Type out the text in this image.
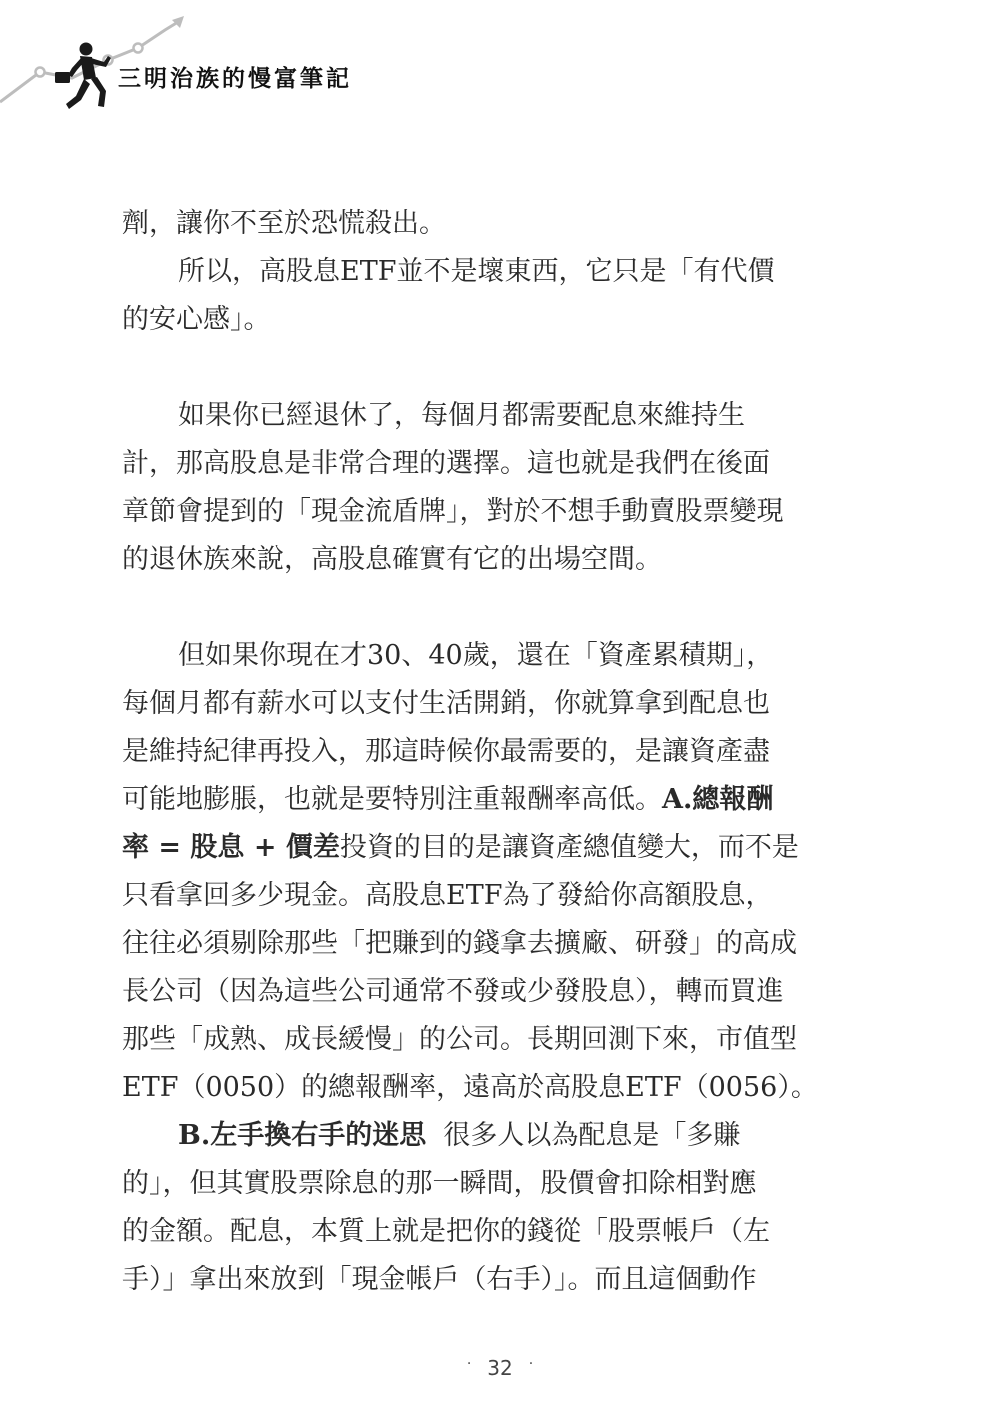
三明治族的慢富筆記

劑，讓你不至於恐慌殺出。

所以，高股息ETF並不是壞東西，它只是「有代價
的安心感」。

如果你已經退休了，每個月都需要配息來維持生
計，那高股息是非常合理的選擇。這也就是我們在後面
章節會提到的「現金流盾牌」，對於不想手動賣股票變現
的退休族來說，高股息確實有它的出場空間。

但如果你現在才30、40歲，還在「資產累積期」，
每個月都有薪水可以支付生活開銷，你就算拿到配息也
是維持紀律再投入，那這時候你最需要的，是讓資產盡
可能地膨脹，也就是要特別注重報酬率高低。A.總報酬
率 = 股息 + 價差投資的目的是讓資產總值變大，而不是
只看拿回多少現金。高股息ETF為了發給你高額股息，
往往必須剔除那些「把賺到的錢拿去擴廠、研發」的高成
長公司（因為這些公司通常不發或少發股息），轉而買進
那些「成熟、成長緩慢」的公司。長期回測下來，市值型
ETF（0050）的總報酬率，遠高於高股息ETF（0056）。

B.左手換右手的迷思  很多人以為配息是「多賺
的」，但其實股票除息的那一瞬間，股價會扣除相對應
的金額。配息，本質上就是把你的錢從「股票帳戶（左
手）」拿出來放到「現金帳戶（右手）」。而且這個動作

· 32 ·
